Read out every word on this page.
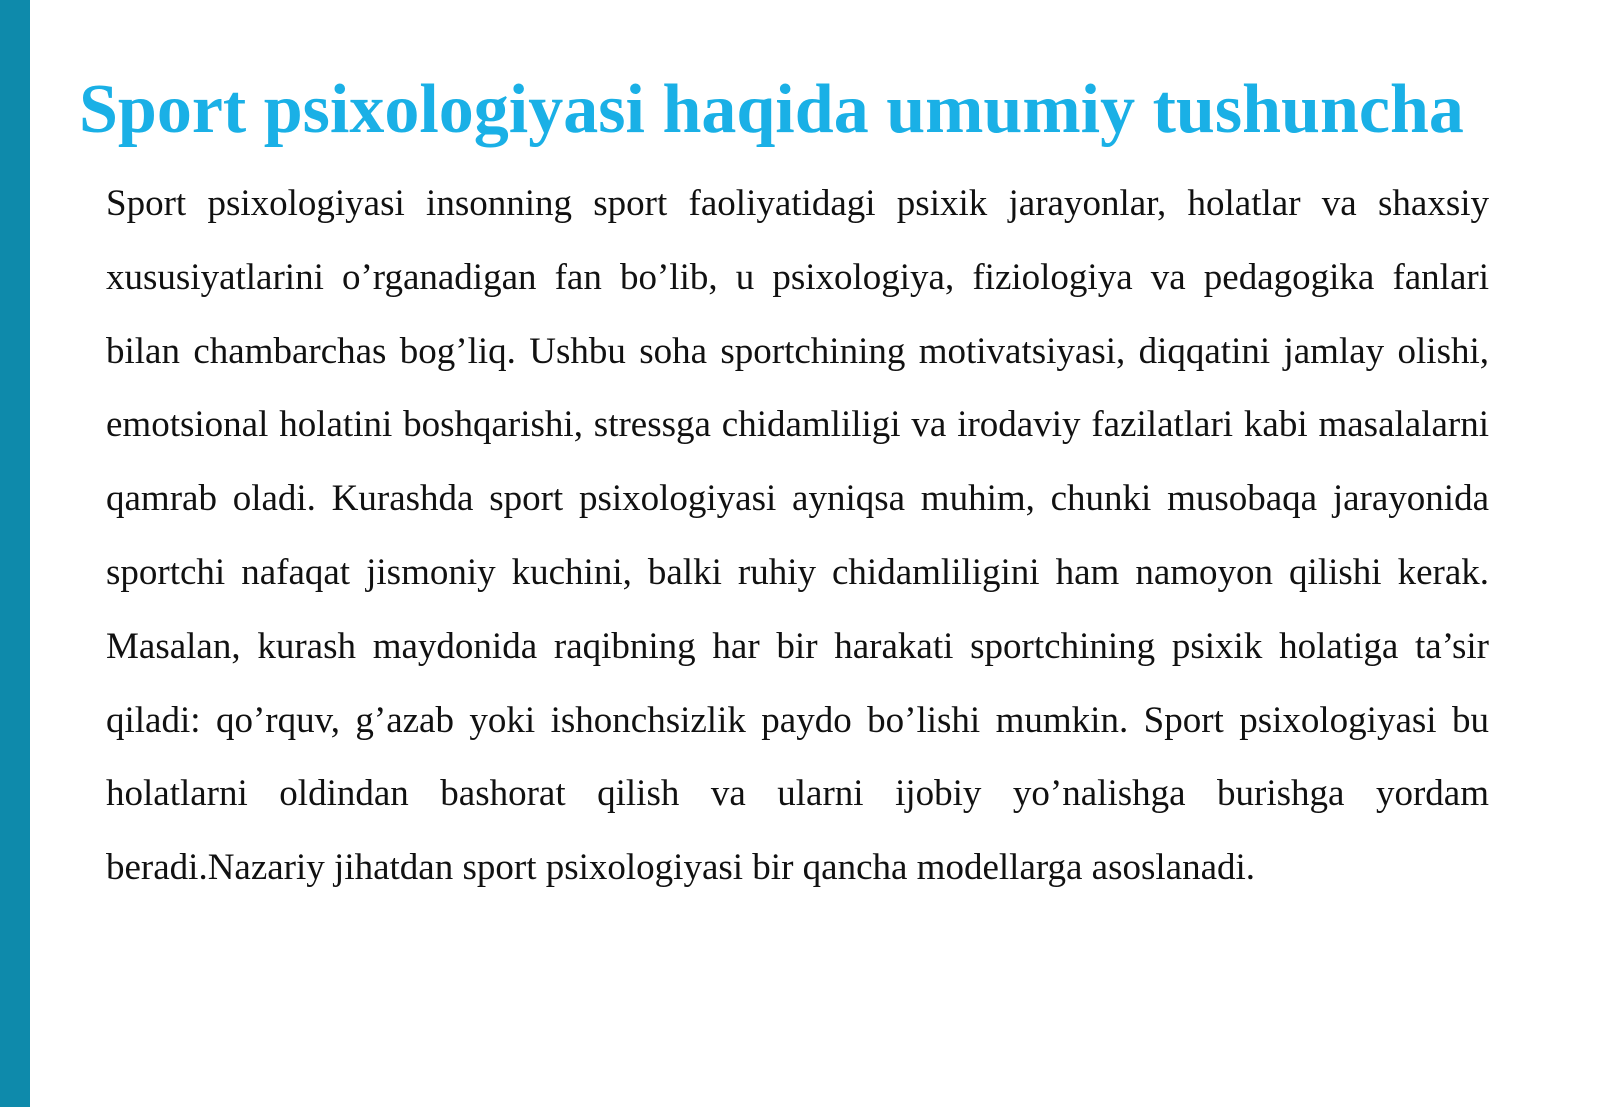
Sport psixologiyasi haqida umumiy tushuncha

Sport psixologiyasi insonning sport faoliyatidagi psixik jarayonlar, holatlar va shaxsiy xususiyatlarini o’rganadigan fan bo’lib, u psixologiya, fiziologiya va pedagogika fanlari bilan chambarchas bog’liq. Ushbu soha sportchining motivatsiyasi, diqqatini jamlay olishi, emotsional holatini boshqarishi, stressga chidamliligi va irodaviy fazilatlari kabi masalalarni qamrab oladi. Kurashda sport psixologiyasi ayniqsa muhim, chunki musobaqa jarayonida sportchi nafaqat jismoniy kuchini, balki ruhiy chidamliligini ham namoyon qilishi kerak. Masalan, kurash maydonida raqibning har bir harakati sportchining psixik holatiga ta’sir qiladi: qo’rquv, g’azab yoki ishonchsizlik paydo bo’lishi mumkin. Sport psixologiyasi bu holatlarni oldindan bashorat qilish va ularni ijobiy yo’nalishga burishga yordam beradi.Nazariy jihatdan sport psixologiyasi bir qancha modellarga asoslanadi.
